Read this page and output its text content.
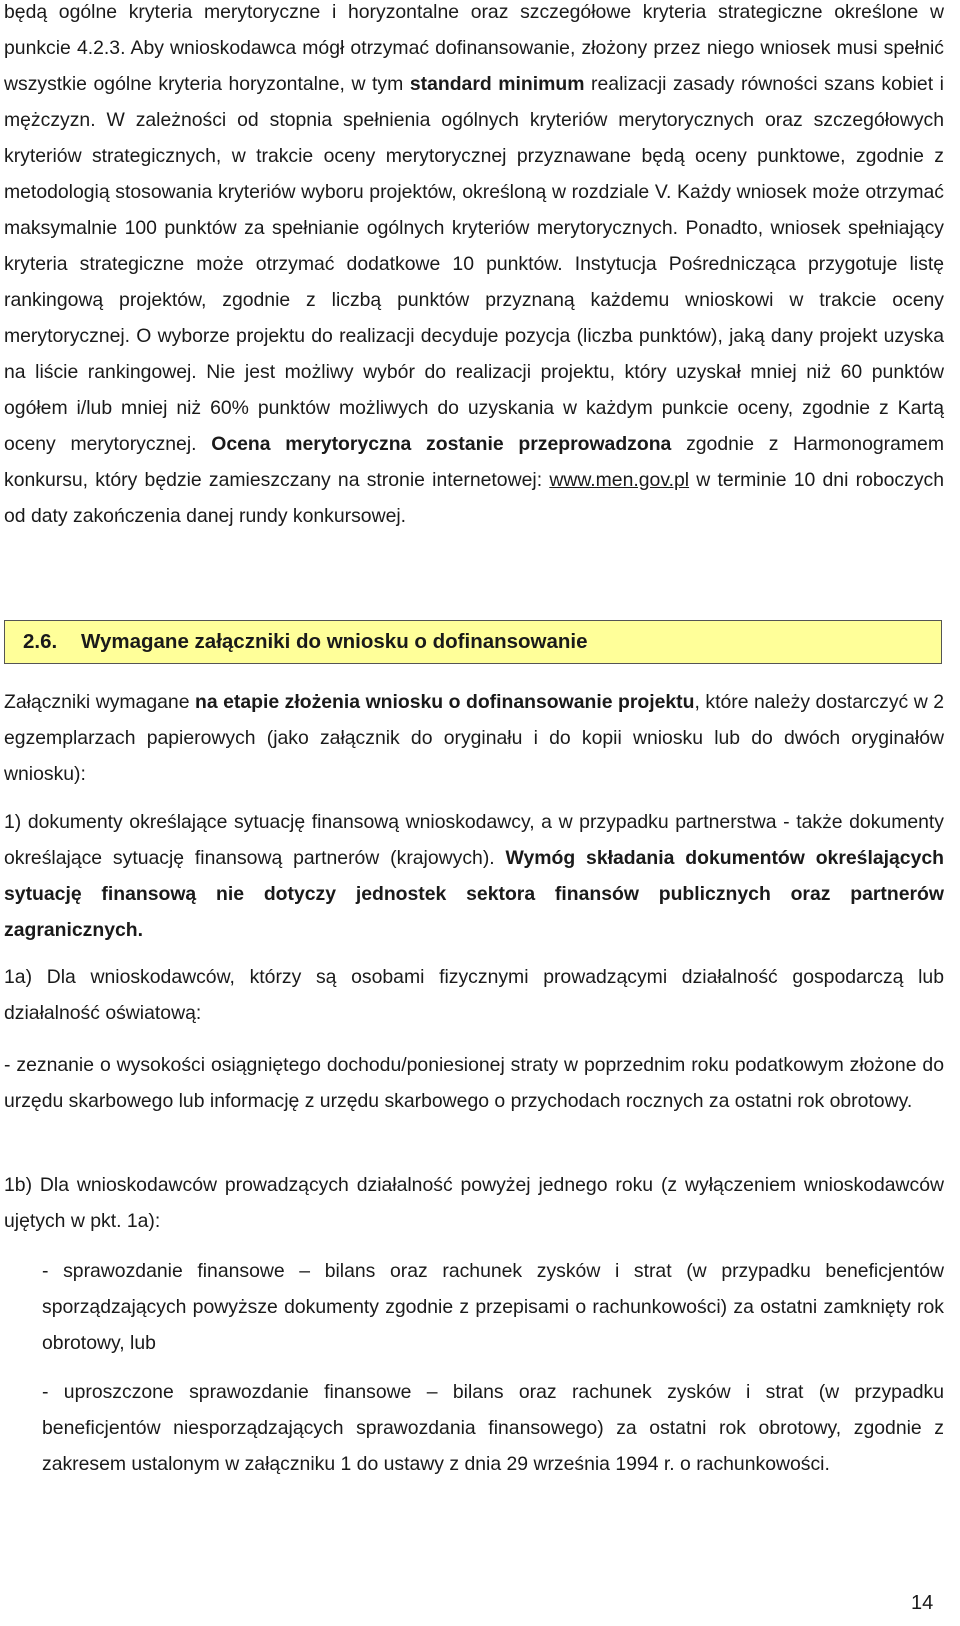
będą ogólne kryteria merytoryczne i horyzontalne oraz szczegółowe kryteria strategiczne określone w punkcie 4.2.3. Aby wnioskodawca mógł otrzymać dofinansowanie, złożony przez niego wniosek musi spełnić wszystkie ogólne kryteria horyzontalne, w tym standard minimum realizacji zasady równości szans kobiet i mężczyzn. W zależności od stopnia spełnienia ogólnych kryteriów merytorycznych oraz szczegółowych kryteriów strategicznych, w trakcie oceny merytorycznej przyznawane będą oceny punktowe, zgodnie z metodologią stosowania kryteriów wyboru projektów, określoną w rozdziale V. Każdy wniosek może otrzymać maksymalnie 100 punktów za spełnianie ogólnych kryteriów merytorycznych. Ponadto, wniosek spełniający kryteria strategiczne może otrzymać dodatkowe 10 punktów. Instytucja Pośrednicząca przygotuje listę rankingową projektów, zgodnie z liczbą punktów przyznaną każdemu wnioskowi w trakcie oceny merytorycznej. O wyborze projektu do realizacji decyduje pozycja (liczba punktów), jaką dany projekt uzyska na liście rankingowej. Nie jest możliwy wybór do realizacji projektu, który uzyskał mniej niż 60 punktów ogółem i/lub mniej niż 60% punktów możliwych do uzyskania w każdym punkcie oceny, zgodnie z Kartą oceny merytorycznej. Ocena merytoryczna zostanie przeprowadzona zgodnie z Harmonogramem konkursu, który będzie zamieszczany na stronie internetowej: www.men.gov.pl w terminie 10 dni roboczych od daty zakończenia danej rundy konkursowej.

2.6.	Wymagane załączniki do wniosku o dofinansowanie

Załączniki wymagane na etapie złożenia wniosku o dofinansowanie projektu, które należy dostarczyć w 2 egzemplarzach papierowych (jako załącznik do oryginału i do kopii wniosku lub do dwóch oryginałów wniosku):

1) dokumenty określające sytuację finansową wnioskodawcy, a w przypadku partnerstwa - także dokumenty określające sytuację finansową partnerów (krajowych). Wymóg składania dokumentów określających sytuację finansową nie dotyczy jednostek sektora finansów publicznych oraz partnerów zagranicznych.

1a) Dla wnioskodawców, którzy są osobami fizycznymi prowadzącymi działalność gospodarczą lub działalność oświatową:

- zeznanie o wysokości osiągniętego dochodu/poniesionej straty w poprzednim roku podatkowym złożone do urzędu skarbowego lub informację z urzędu skarbowego o przychodach rocznych za ostatni rok obrotowy.

1b) Dla wnioskodawców prowadzących działalność powyżej jednego roku (z wyłączeniem wnioskodawców ujętych w pkt. 1a):

- sprawozdanie finansowe – bilans oraz rachunek zysków i strat (w przypadku beneficjentów sporządzających powyższe dokumenty zgodnie z przepisami o rachunkowości) za ostatni zamknięty rok obrotowy, lub

- uproszczone sprawozdanie finansowe – bilans oraz rachunek zysków i strat (w przypadku beneficjentów niesporządzających sprawozdania finansowego) za ostatni rok obrotowy, zgodnie z zakresem ustalonym w załączniku 1 do ustawy z dnia 29 września 1994 r. o rachunkowości.

14
